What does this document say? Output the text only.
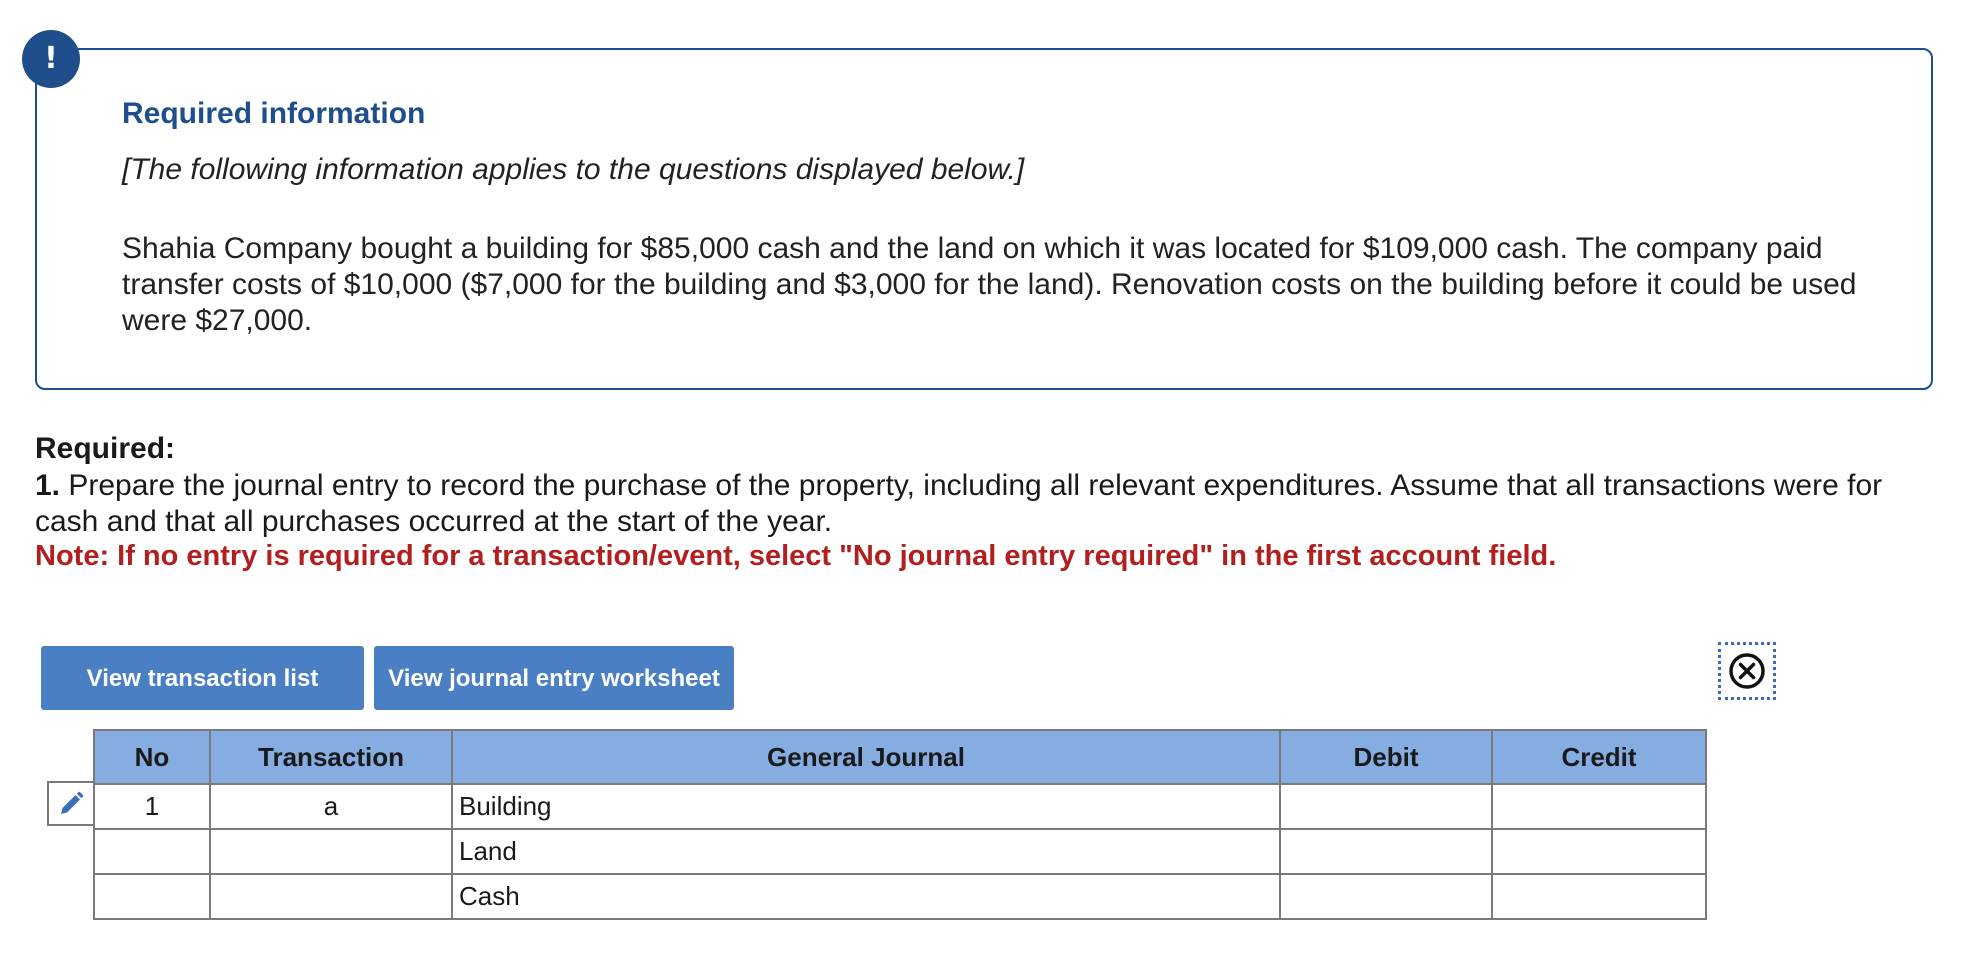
!
Required information
[The following information applies to the questions displayed below.]
Shahia Company bought a building for $85,000 cash and the land on which it was located for $109,000 cash. The company paid transfer costs of $10,000 ($7,000 for the building and $3,000 for the land). Renovation costs on the building before it could be used were $27,000.
Required:
1. Prepare the journal entry to record the purchase of the property, including all relevant expenditures. Assume that all transactions were for cash and that all purchases occurred at the start of the year.
Note: If no entry is required for a transaction/event, select "No journal entry required" in the first account field.
View transaction list	View journal entry worksheet
No	Transaction	General Journal	Debit	Credit
1	a	Building		
		Land		
		Cash		
